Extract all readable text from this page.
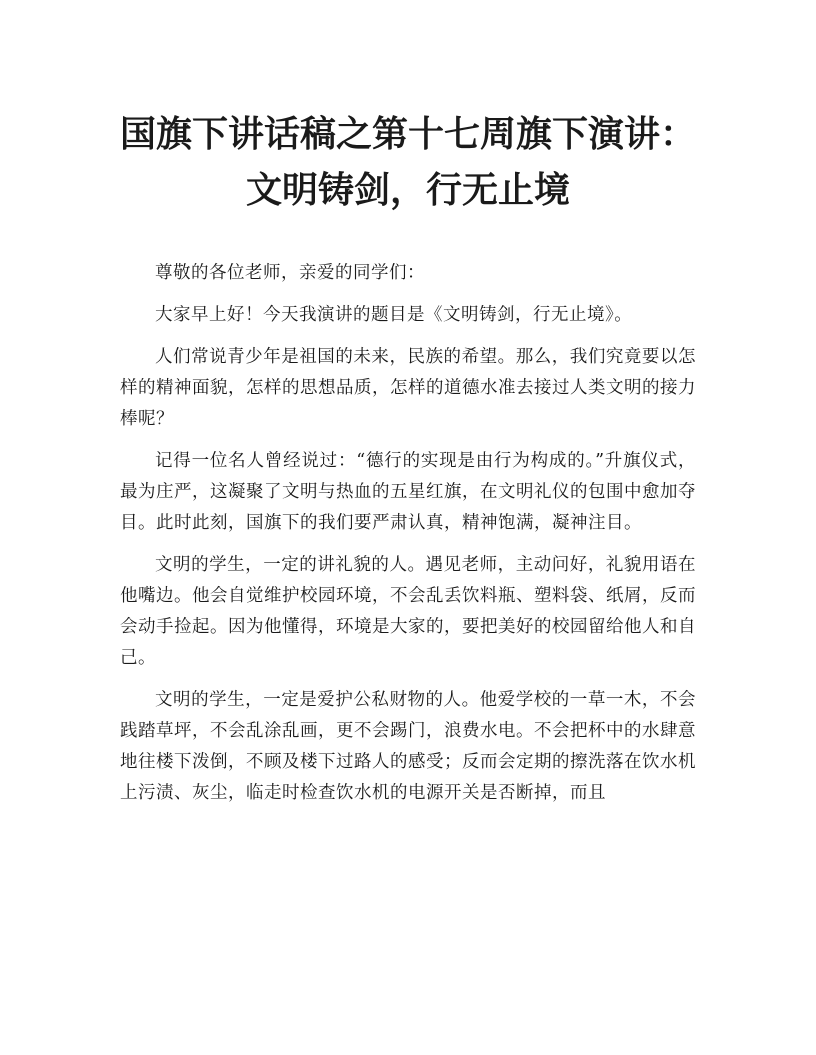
国旗下讲话稿之第十七周旗下演讲：文明铸剑，行无止境

尊敬的各位老师，亲爱的同学们：

大家早上好！今天我演讲的题目是《文明铸剑，行无止境》。

人们常说青少年是祖国的未来，民族的希望。那么，我们究竟要以怎样的精神面貌，怎样的思想品质，怎样的道德水准去接过人类文明的接力棒呢？

记得一位名人曾经说过：“德行的实现是由行为构成的。”升旗仪式，最为庄严，这凝聚了文明与热血的五星红旗，在文明礼仪的包围中愈加夺目。此时此刻，国旗下的我们要严肃认真，精神饱满，凝神注目。

文明的学生，一定的讲礼貌的人。遇见老师，主动问好，礼貌用语在他嘴边。他会自觉维护校园环境，不会乱丢饮料瓶、塑料袋、纸屑，反而会动手捡起。因为他懂得，环境是大家的，要把美好的校园留给他人和自己。

文明的学生，一定是爱护公私财物的人。他爱学校的一草一木，不会践踏草坪，不会乱涂乱画，更不会踢门，浪费水电。不会把杯中的水肆意地往楼下泼倒，不顾及楼下过路人的感受；反而会定期的擦洗落在饮水机上污渍、灰尘，临走时检查饮水机的电源开关是否断掉，而且
